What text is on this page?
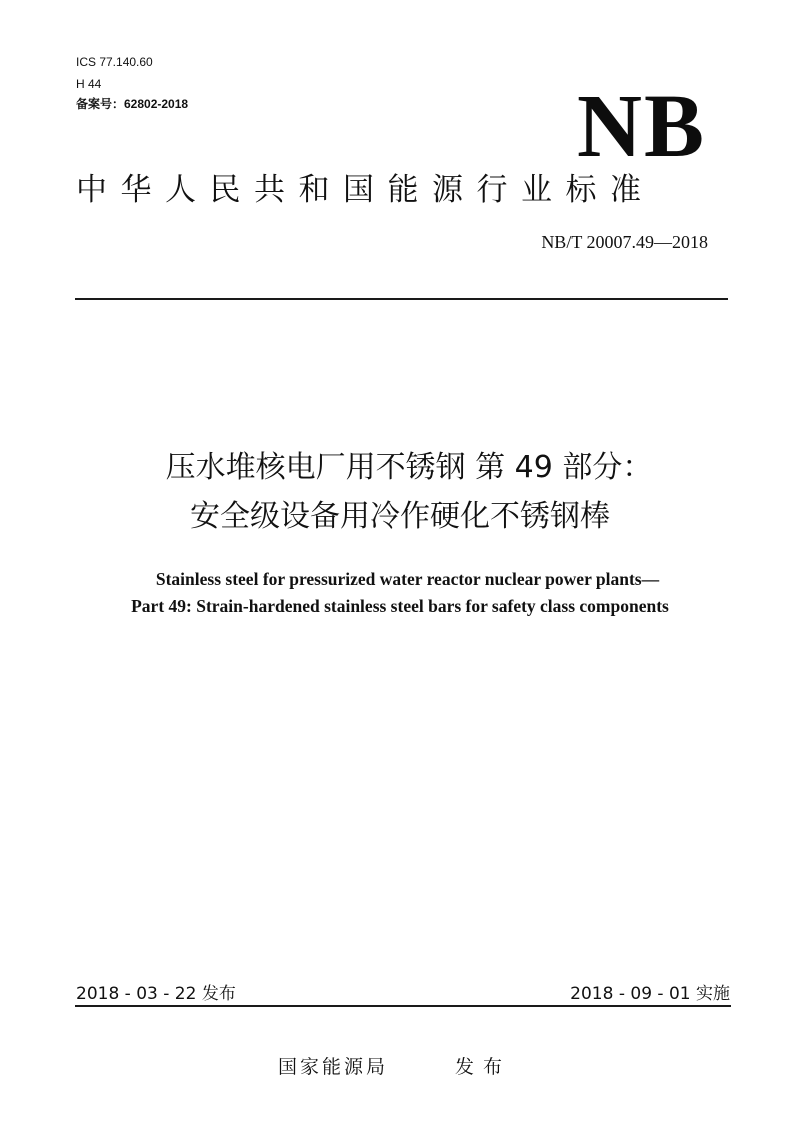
ICS 77.140.60
H 44
备案号：62802-2018	NB
中华人民共和国能源行业标准
NB/T 20007.49—2018
压水堆核电厂用不锈钢 第 49 部分：
安全级设备用冷作硬化不锈钢棒
Stainless steel for pressurized water reactor nuclear power plants—
Part 49: Strain-hardened stainless steel bars for safety class components
2018 - 03 - 22 发布	2018 - 09 - 01 实施
国家能源局	发布
